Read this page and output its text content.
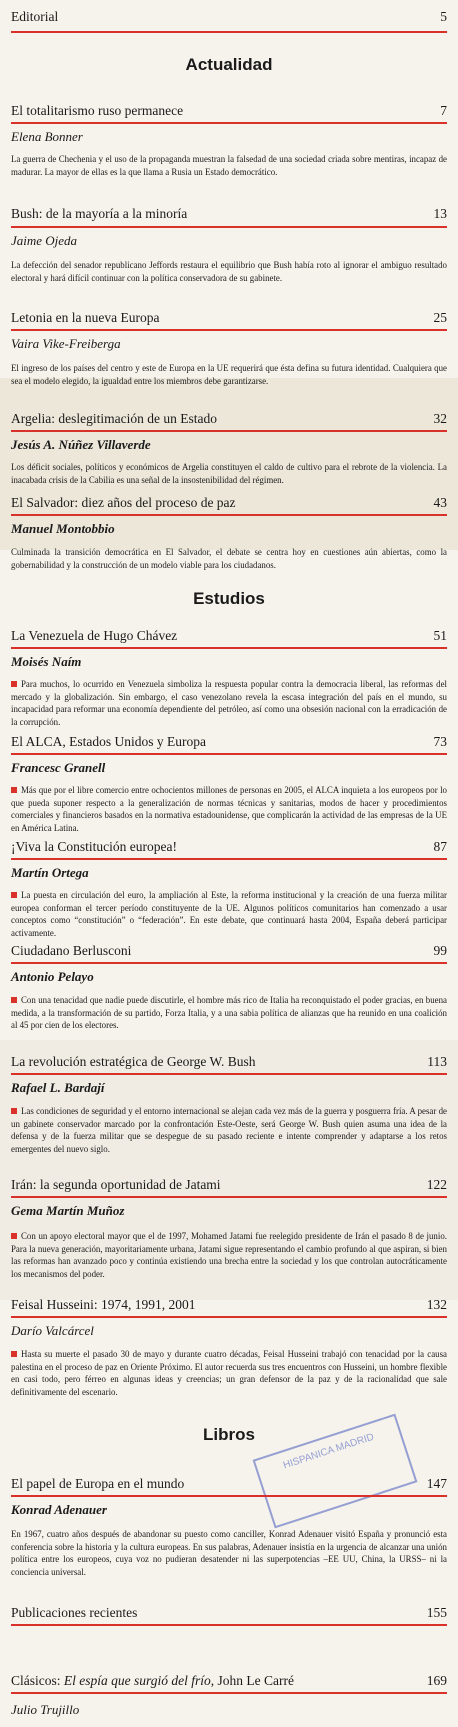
Editorial	5
Actualidad
El totalitarismo ruso permanece	7
Elena Bonner
La guerra de Chechenia y el uso de la propaganda muestran la falsedad de una sociedad criada sobre mentiras, incapaz de madurar. La mayor de ellas es la que llama a Rusia un Estado democrático.
Bush: de la mayoría a la minoría	13
Jaime Ojeda
La defección del senador republicano Jeffords restaura el equilibrio que Bush había roto al ignorar el ambiguo resultado electoral y hará difícil continuar con la política conservadora de su gabinete.
Letonia en la nueva Europa	25
Vaira Vike-Freiberga
El ingreso de los países del centro y este de Europa en la UE requerirá que ésta defina su futura identidad. Cualquiera que sea el modelo elegido, la igualdad entre los miembros debe garantizarse.
Argelia: deslegitimación de un Estado	32
Jesús A. Núñez Villaverde
Los déficit sociales, políticos y económicos de Argelia constituyen el caldo de cultivo para el rebrote de la violencia. La inacabada crisis de la Cabilia es una señal de la insostenibilidad del régimen.
El Salvador: diez años del proceso de paz	43
Manuel Montobbio
Culminada la transición democrática en El Salvador, el debate se centra hoy en cuestiones aún abiertas, como la gobernabilidad y la construcción de un modelo viable para los ciudadanos.
Estudios
La Venezuela de Hugo Chávez	51
Moisés Naím
Para muchos, lo ocurrido en Venezuela simboliza la respuesta popular contra la democracia liberal, las reformas del mercado y la globalización. Sin embargo, el caso venezolano revela la escasa integración del país en el mundo, su incapacidad para reformar una economía dependiente del petróleo, así como una obsesión nacional con la erradicación de la corrupción.
El ALCA, Estados Unidos y Europa	73
Francesc Granell
Más que por el libre comercio entre ochocientos millones de personas en 2005, el ALCA inquieta a los europeos por lo que pueda suponer respecto a la generalización de normas técnicas y sanitarias, modos de hacer y procedimientos comerciales y financieros basados en la normativa estadounidense, que complicarán la actividad de las empresas de la UE en América Latina.
¡Viva la Constitución europea!	87
Martín Ortega
La puesta en circulación del euro, la ampliación al Este, la reforma institucional y la creación de una fuerza militar europea conforman el tercer período constituyente de la UE. Algunos políticos comunitarios han comenzado a usar conceptos como “constitución” o “federación”. En este debate, que continuará hasta 2004, España deberá participar activamente.
Ciudadano Berlusconi	99
Antonio Pelayo
Con una tenacidad que nadie puede discutirle, el hombre más rico de Italia ha reconquistado el poder gracias, en buena medida, a la transformación de su partido, Forza Italia, y a una sabia política de alianzas que ha reunido en una coalición al 45 por cien de los electores.
La revolución estratégica de George W. Bush	113
Rafael L. Bardají
Las condiciones de seguridad y el entorno internacional se alejan cada vez más de la guerra y posguerra fría. A pesar de un gabinete conservador marcado por la confrontación Este-Oeste, será George W. Bush quien asuma una idea de la defensa y de la fuerza militar que se despegue de su pasado reciente e intente comprender y adaptarse a los retos emergentes del nuevo siglo.
Irán: la segunda oportunidad de Jatami	122
Gema Martín Muñoz
Con un apoyo electoral mayor que el de 1997, Mohamed Jatami fue reelegido presidente de Irán el pasado 8 de junio. Para la nueva generación, mayoritariamente urbana, Jatami sigue representando el cambio profundo al que aspiran, si bien las reformas han avanzado poco y continúa existiendo una brecha entre la sociedad y los que controlan autocráticamente los mecanismos del poder.
Feisal Husseini: 1974, 1991, 2001	132
Darío Valcárcel
Hasta su muerte el pasado 30 de mayo y durante cuatro décadas, Feisal Husseini trabajó con tenacidad por la causa palestina en el proceso de paz en Oriente Próximo. El autor recuerda sus tres encuentros con Husseini, un hombre flexible en casi todo, pero férreo en algunas ideas y creencias; un gran defensor de la paz y de la racionalidad que sale definitivamente del escenario.
Libros	HISPANICA MADRID
El papel de Europa en el mundo	147
Konrad Adenauer
En 1967, cuatro años después de abandonar su puesto como canciller, Konrad Adenauer visitó España y pronunció esta conferencia sobre la historia y la cultura europeas. En sus palabras, Adenauer insistía en la urgencia de alcanzar una unión política entre los europeos, cuya voz no pudieran desatender ni las superpotencias –EE UU, China, la URSS– ni la conciencia universal.
Publicaciones recientes	155
Clásicos: El espía que surgió del frío, John Le Carré	169
Julio Trujillo
